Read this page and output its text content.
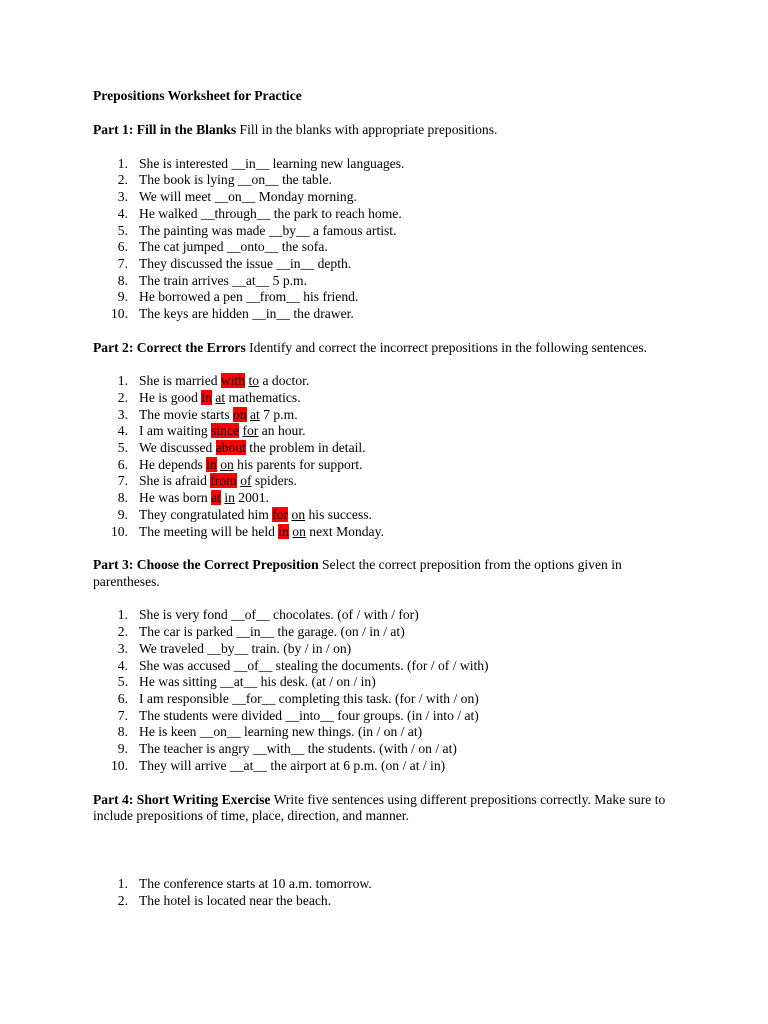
Prepositions Worksheet for Practice

Part 1: Fill in the Blanks Fill in the blanks with appropriate prepositions.

1. She is interested __in__ learning new languages.
2. The book is lying __on__ the table.
3. We will meet __on__ Monday morning.
4. He walked __through__ the park to reach home.
5. The painting was made __by__ a famous artist.
6. The cat jumped __onto__ the sofa.
7. They discussed the issue __in__ depth.
8. The train arrives __at__ 5 p.m.
9. He borrowed a pen __from__ his friend.
10. The keys are hidden __in__ the drawer.

Part 2: Correct the Errors Identify and correct the incorrect prepositions in the following sentences.

1. She is married with to a doctor.
2. He is good in at mathematics.
3. The movie starts on at 7 p.m.
4. I am waiting since for an hour.
5. We discussed about the problem in detail.
6. He depends in on his parents for support.
7. She is afraid from of spiders.
8. He was born at in 2001.
9. They congratulated him for on his success.
10. The meeting will be held in on next Monday.

Part 3: Choose the Correct Preposition Select the correct preposition from the options given in parentheses.

1. She is very fond __of__ chocolates. (of / with / for)
2. The car is parked __in__ the garage. (on / in / at)
3. We traveled __by__ train. (by / in / on)
4. She was accused __of__ stealing the documents. (for / of / with)
5. He was sitting __at__ his desk. (at / on / in)
6. I am responsible __for__ completing this task. (for / with / on)
7. The students were divided __into__ four groups. (in / into / at)
8. He is keen __on__ learning new things. (in / on / at)
9. The teacher is angry __with__ the students. (with / on / at)
10. They will arrive __at__ the airport at 6 p.m. (on / at / in)

Part 4: Short Writing Exercise Write five sentences using different prepositions correctly. Make sure to include prepositions of time, place, direction, and manner.

1. The conference starts at 10 a.m. tomorrow.
2. The hotel is located near the beach.
